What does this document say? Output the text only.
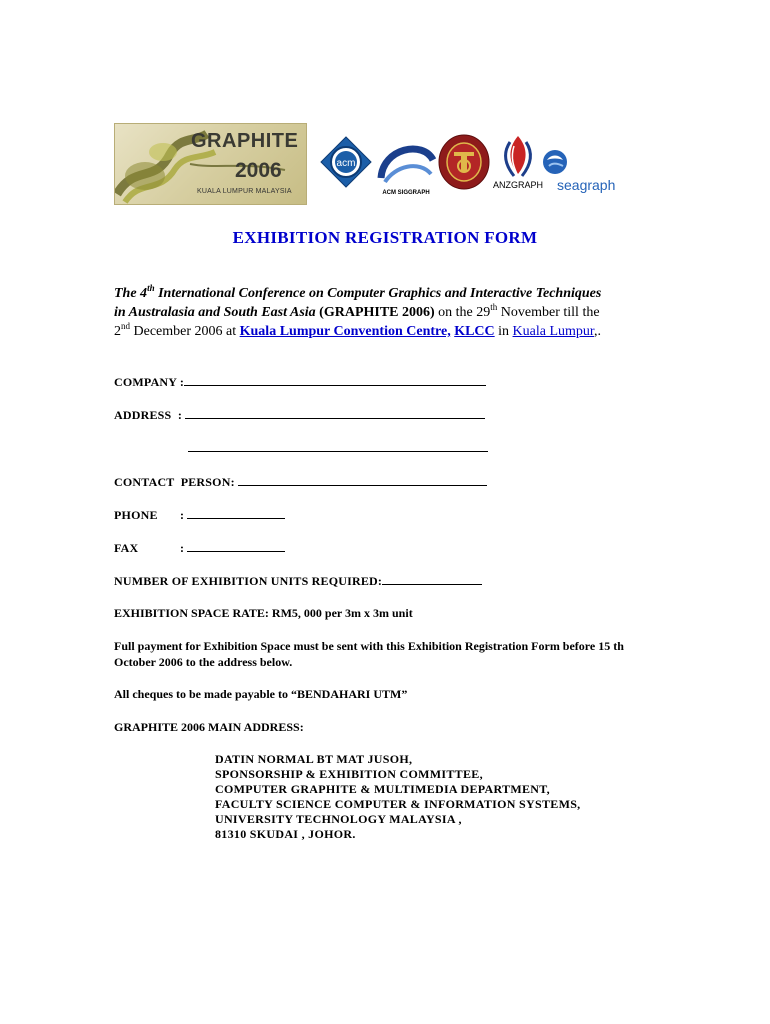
GRAPHITE
2006
KUALA LUMPUR MALAYSIA
acm
ACM SIGGRAPH
ANZGRAPH seagraph
EXHIBITION REGISTRATION FORM
The 4th International Conference on Computer Graphics and Interactive Techniques
in Australasia and South East Asia (GRAPHITE 2006) on the 29th November till the
2nd December 2006 at Kuala Lumpur Convention Centre, KLCC in Kuala Lumpur,.
COMPANY :
ADDRESS  :
CONTACT  PERSON:
PHONE :
FAX	:
NUMBER OF EXHIBITION UNITS REQUIRED:
EXHIBITION SPACE RATE: RM5, 000 per 3m x 3m unit
Full payment for Exhibition Space must be sent with this Exhibition Registration Form before 15 th October 2006 to the address below.
All cheques to be made payable to “BENDAHARI UTM”
GRAPHITE 2006 MAIN ADDRESS:
DATIN NORMAL BT MAT JUSOH,
SPONSORSHIP & EXHIBITION COMMITTEE,
COMPUTER GRAPHITE & MULTIMEDIA DEPARTMENT,
FACULTY SCIENCE COMPUTER & INFORMATION SYSTEMS,
UNIVERSITY TECHNOLOGY MALAYSIA ,
81310 SKUDAI , JOHOR.
